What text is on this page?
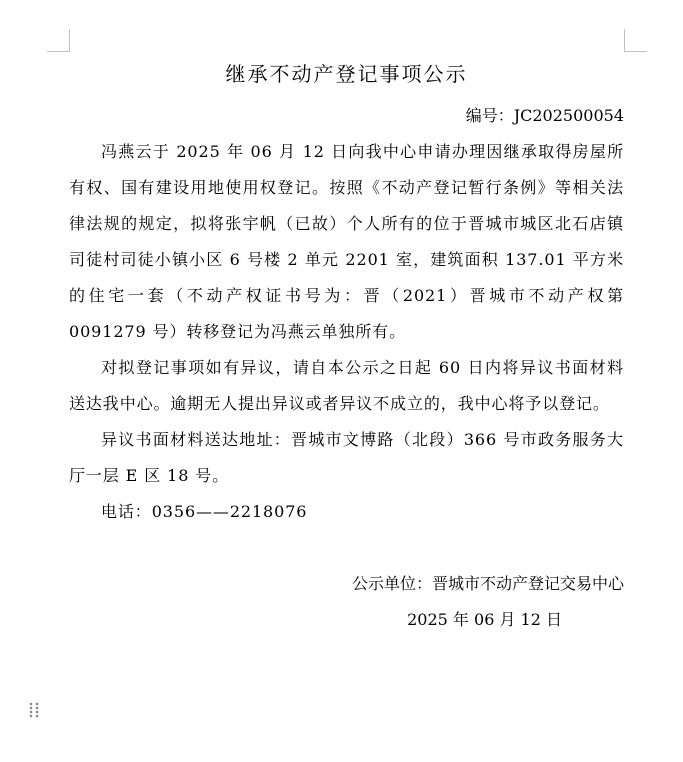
继承不动产登记事项公示

编号：JC202500054

冯燕云于 2025 年 06 月 12 日向我中心申请办理因继承取得房屋所有权、国有建设用地使用权登记。按照《不动产登记暂行条例》等相关法律法规的规定，拟将张宇帆（已故）个人所有的位于晋城市城区北石店镇司徒村司徒小镇小区 6 号楼 2 单元 2201 室，建筑面积 137.01 平方米的住宅一套（不动产权证书号为：晋（2021）晋城市不动产权第 0091279 号）转移登记为冯燕云单独所有。

对拟登记事项如有异议，请自本公示之日起 60 日内将异议书面材料送达我中心。逾期无人提出异议或者异议不成立的，我中心将予以登记。

异议书面材料送达地址：晋城市文博路（北段）366 号市政务服务大厅一层 E 区 18 号。

电话：0356——2218076

公示单位：晋城市不动产登记交易中心

2025 年 06 月 12 日
